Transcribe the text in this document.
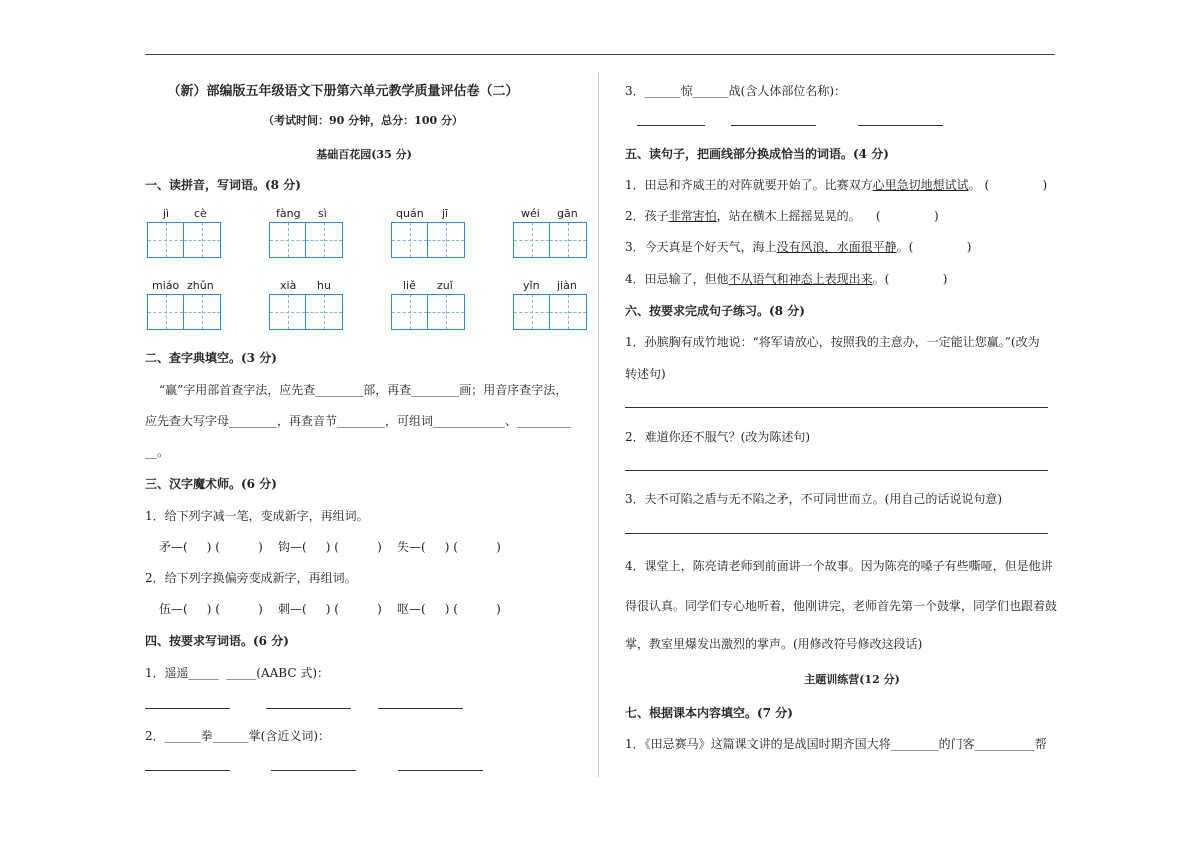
（新）部编版五年级语文下册第六单元教学质量评估卷（二）
（考试时间：90 分钟，总分：100 分）
基础百花园(35 分)
一、读拼音，写词语。(8 分)
jì cè	fàng sì	quán jī	wéi gān
miáo zhǔn	xià hu	liě zuǐ	yǐn jiàn
二、查字典填空。(3 分)
“赢”字用部首查字法，应先查________部，再查________画；用音序查字法，
应先查大写字母________，再查音节________，可组词____________、_________
__。
三、汉字魔术师。(6 分)
1．给下列字减一笔，变成新字，再组词。
矛—(     ) (          )    钩—(     ) (          )    失—(     ) (          )
2．给下列字换偏旁变成新字，再组词。
伍—(     ) (          )    刺—(     ) (          )    呕—(     ) (          )
四、按要求写词语。(6 分)
1．遥遥_____  _____(AABC 式)：
2．______拳______掌(含近义词)：
3．______惊______战(含人体部位名称)：
五、读句子，把画线部分换成恰当的词语。(4 分)
1．田忌和齐威王的对阵就要开始了。比赛双方心里急切地想试试。 (              )
2．孩子非常害怕，站在横木上摇摇晃晃的。    (              )
3．今天真是个好天气，海上没有风浪，水面很平静。(              )
4．田忌输了，但他不从语气和神态上表现出来。(              )
六、按要求完成句子练习。(8 分)
1．孙膑胸有成竹地说：“将军请放心，按照我的主意办，一定能让您赢。”(改为
转述句)
2．难道你还不服气？(改为陈述句)
3．夫不可陷之盾与无不陷之矛，不可同世而立。(用自己的话说说句意)
4．课堂上，陈亮请老师到前面讲一个故事。因为陈亮的嗓子有些嘶哑，但是他讲
得很认真。同学们专心地听着，他刚讲完，老师首先第一个鼓掌，同学们也跟着鼓
掌，教室里爆发出激烈的掌声。(用修改符号修改这段话)
主题训练营(12 分)
七、根据课本内容填空。(7 分)
1．《田忌赛马》这篇课文讲的是战国时期齐国大将________的门客__________帮
